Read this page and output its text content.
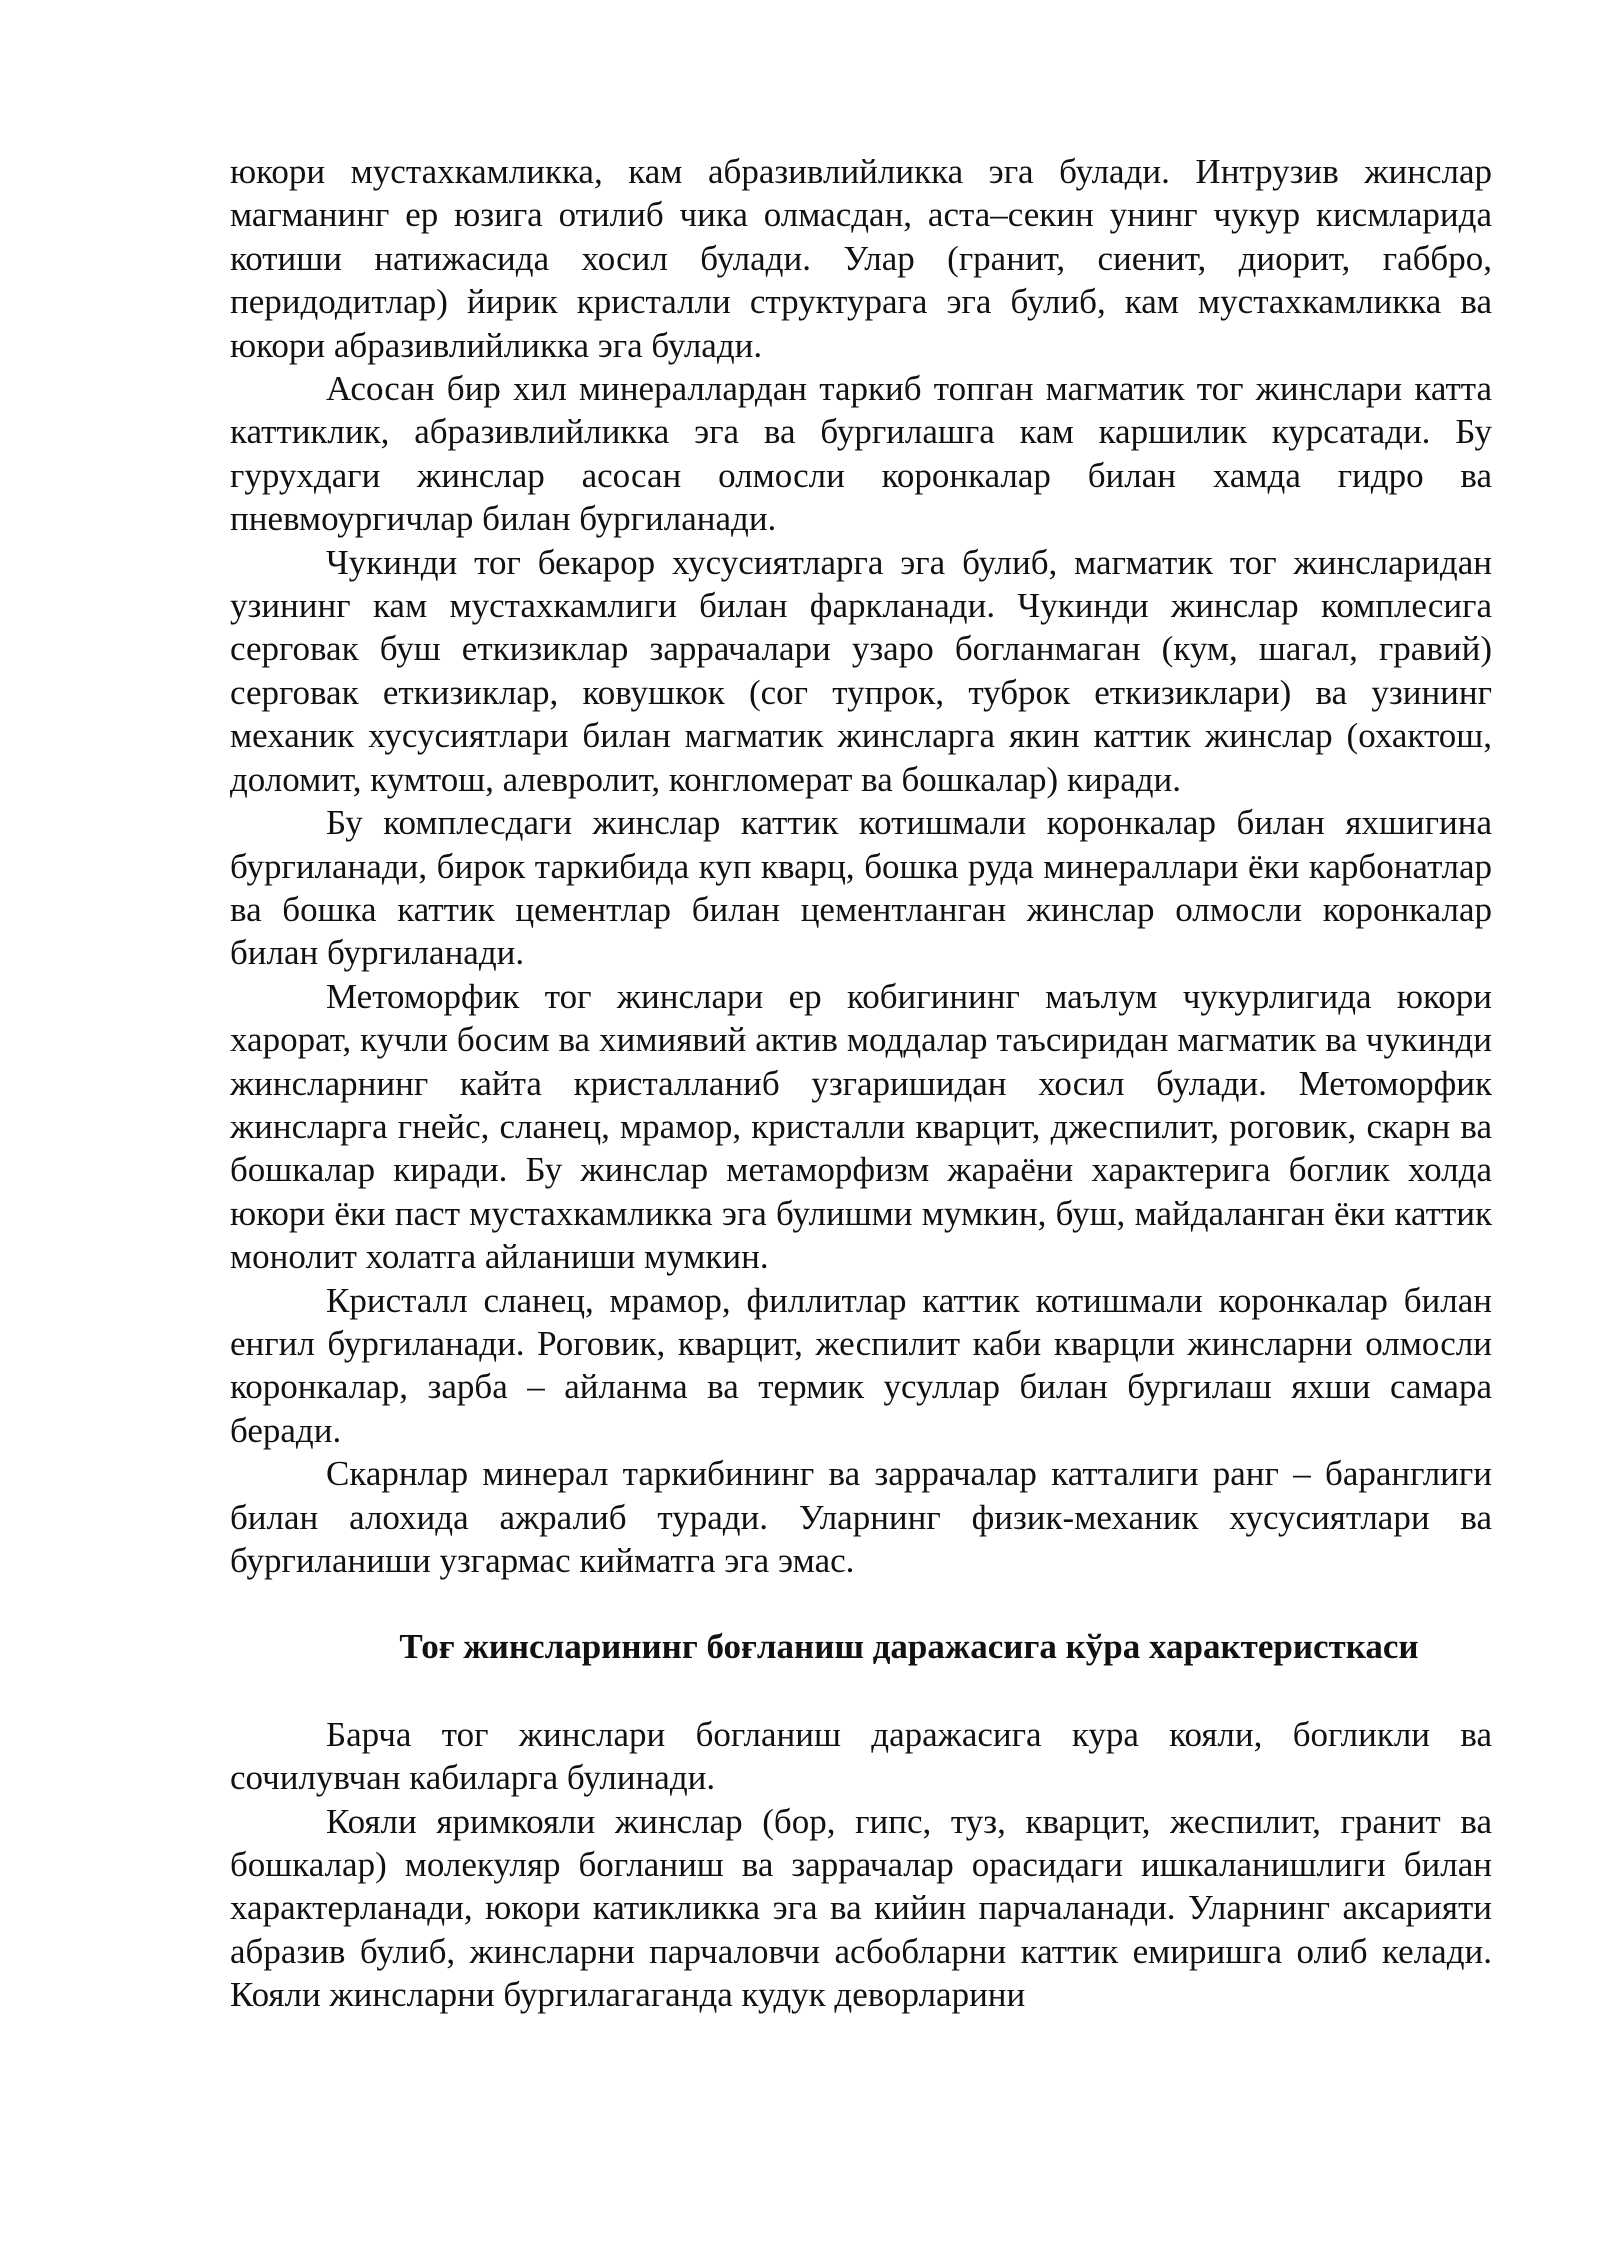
юкори мустахкамликка, кам абразивлийликка эга булади. Интрузив жинслар магманинг ер юзига отилиб чика олмасдан, аста–секин унинг чукур кисмларида котиши натижасида хосил булади. Улар (гранит, сиенит, диорит, габбро, перидодитлар) йирик кристалли структурага эга булиб, кам мустахкамликка ва юкори абразивлийликка эга булади.

Асосан бир хил минераллардан таркиб топган магматик тог жинслари катта каттиклик, абразивлийликка эга ва бургилашга кам каршилик курсатади. Бу гурухдаги жинслар асосан олмосли коронкалар билан хамда гидро ва пневмоургичлар билан бургиланади.

Чукинди тог бекарор хусусиятларга эга булиб, магматик тог жинсларидан узининг кам мустахкамлиги билан фаркланади. Чукинди жинслар комплесига серговак буш еткизиклар заррачалари узаро богланмаган (кум, шагал, гравий) серговак еткизиклар, ковушкок (сог тупрок, туброк еткизиклари) ва узининг механик хусусиятлари билан магматик жинсларга якин каттик жинслар (охактош, доломит, кумтош, алевролит, конгломерат ва бошкалар) киради.

Бу комплесдаги жинслар каттик котишмали коронкалар билан яхшигина бургиланади, бирок таркибида куп кварц, бошка руда минераллари ёки карбонатлар ва бошка каттик цементлар билан цементланган жинслар олмосли коронкалар билан бургиланади.

Метоморфик тог жинслари ер кобигининг маълум чукурлигида юкори харорат, кучли босим ва химиявий актив моддалар таъсиридан магматик ва чукинди жинсларнинг кайта кристалланиб узгаришидан хосил булади. Метоморфик жинсларга гнейс, сланец, мрамор, кристалли кварцит, джеспилит, роговик, скарн ва бошкалар киради. Бу жинслар метаморфизм жараёни характерига боглик холда юкори ёки паст мустахкамликка эга булишми мумкин, буш, майдаланган ёки каттик монолит холатга айланиши мумкин.

Кристалл сланец, мрамор, филлитлар каттик котишмали коронкалар билан енгил бургиланади. Роговик, кварцит, жеспилит каби кварцли жинсларни олмосли коронкалар, зарба – айланма ва термик усуллар билан бургилаш яхши самара беради.

Скарнлар минерал таркибининг ва заррачалар катталиги ранг – баранглиги билан алохида ажралиб туради. Уларнинг физик-механик хусусиятлари ва бургиланиши узгармас кийматга эга эмас.

Тоғ жинсларининг боғланиш даражасига кўра характеристкаси

Барча тог жинслари богланиш даражасига кура кояли, богликли ва сочилувчан кабиларга булинади.

Кояли яримкояли жинслар (бор, гипс, туз, кварцит, жеспилит, гранит ва бошкалар) молекуляр богланиш ва заррачалар орасидаги ишкаланишлиги билан характерланади, юкори катикликка эга ва кийин парчаланади. Уларнинг аксарияти абразив булиб, жинсларни парчаловчи асбобларни каттик емиришга олиб келади. Кояли жинсларни бургилагаганда кудук деворларини
